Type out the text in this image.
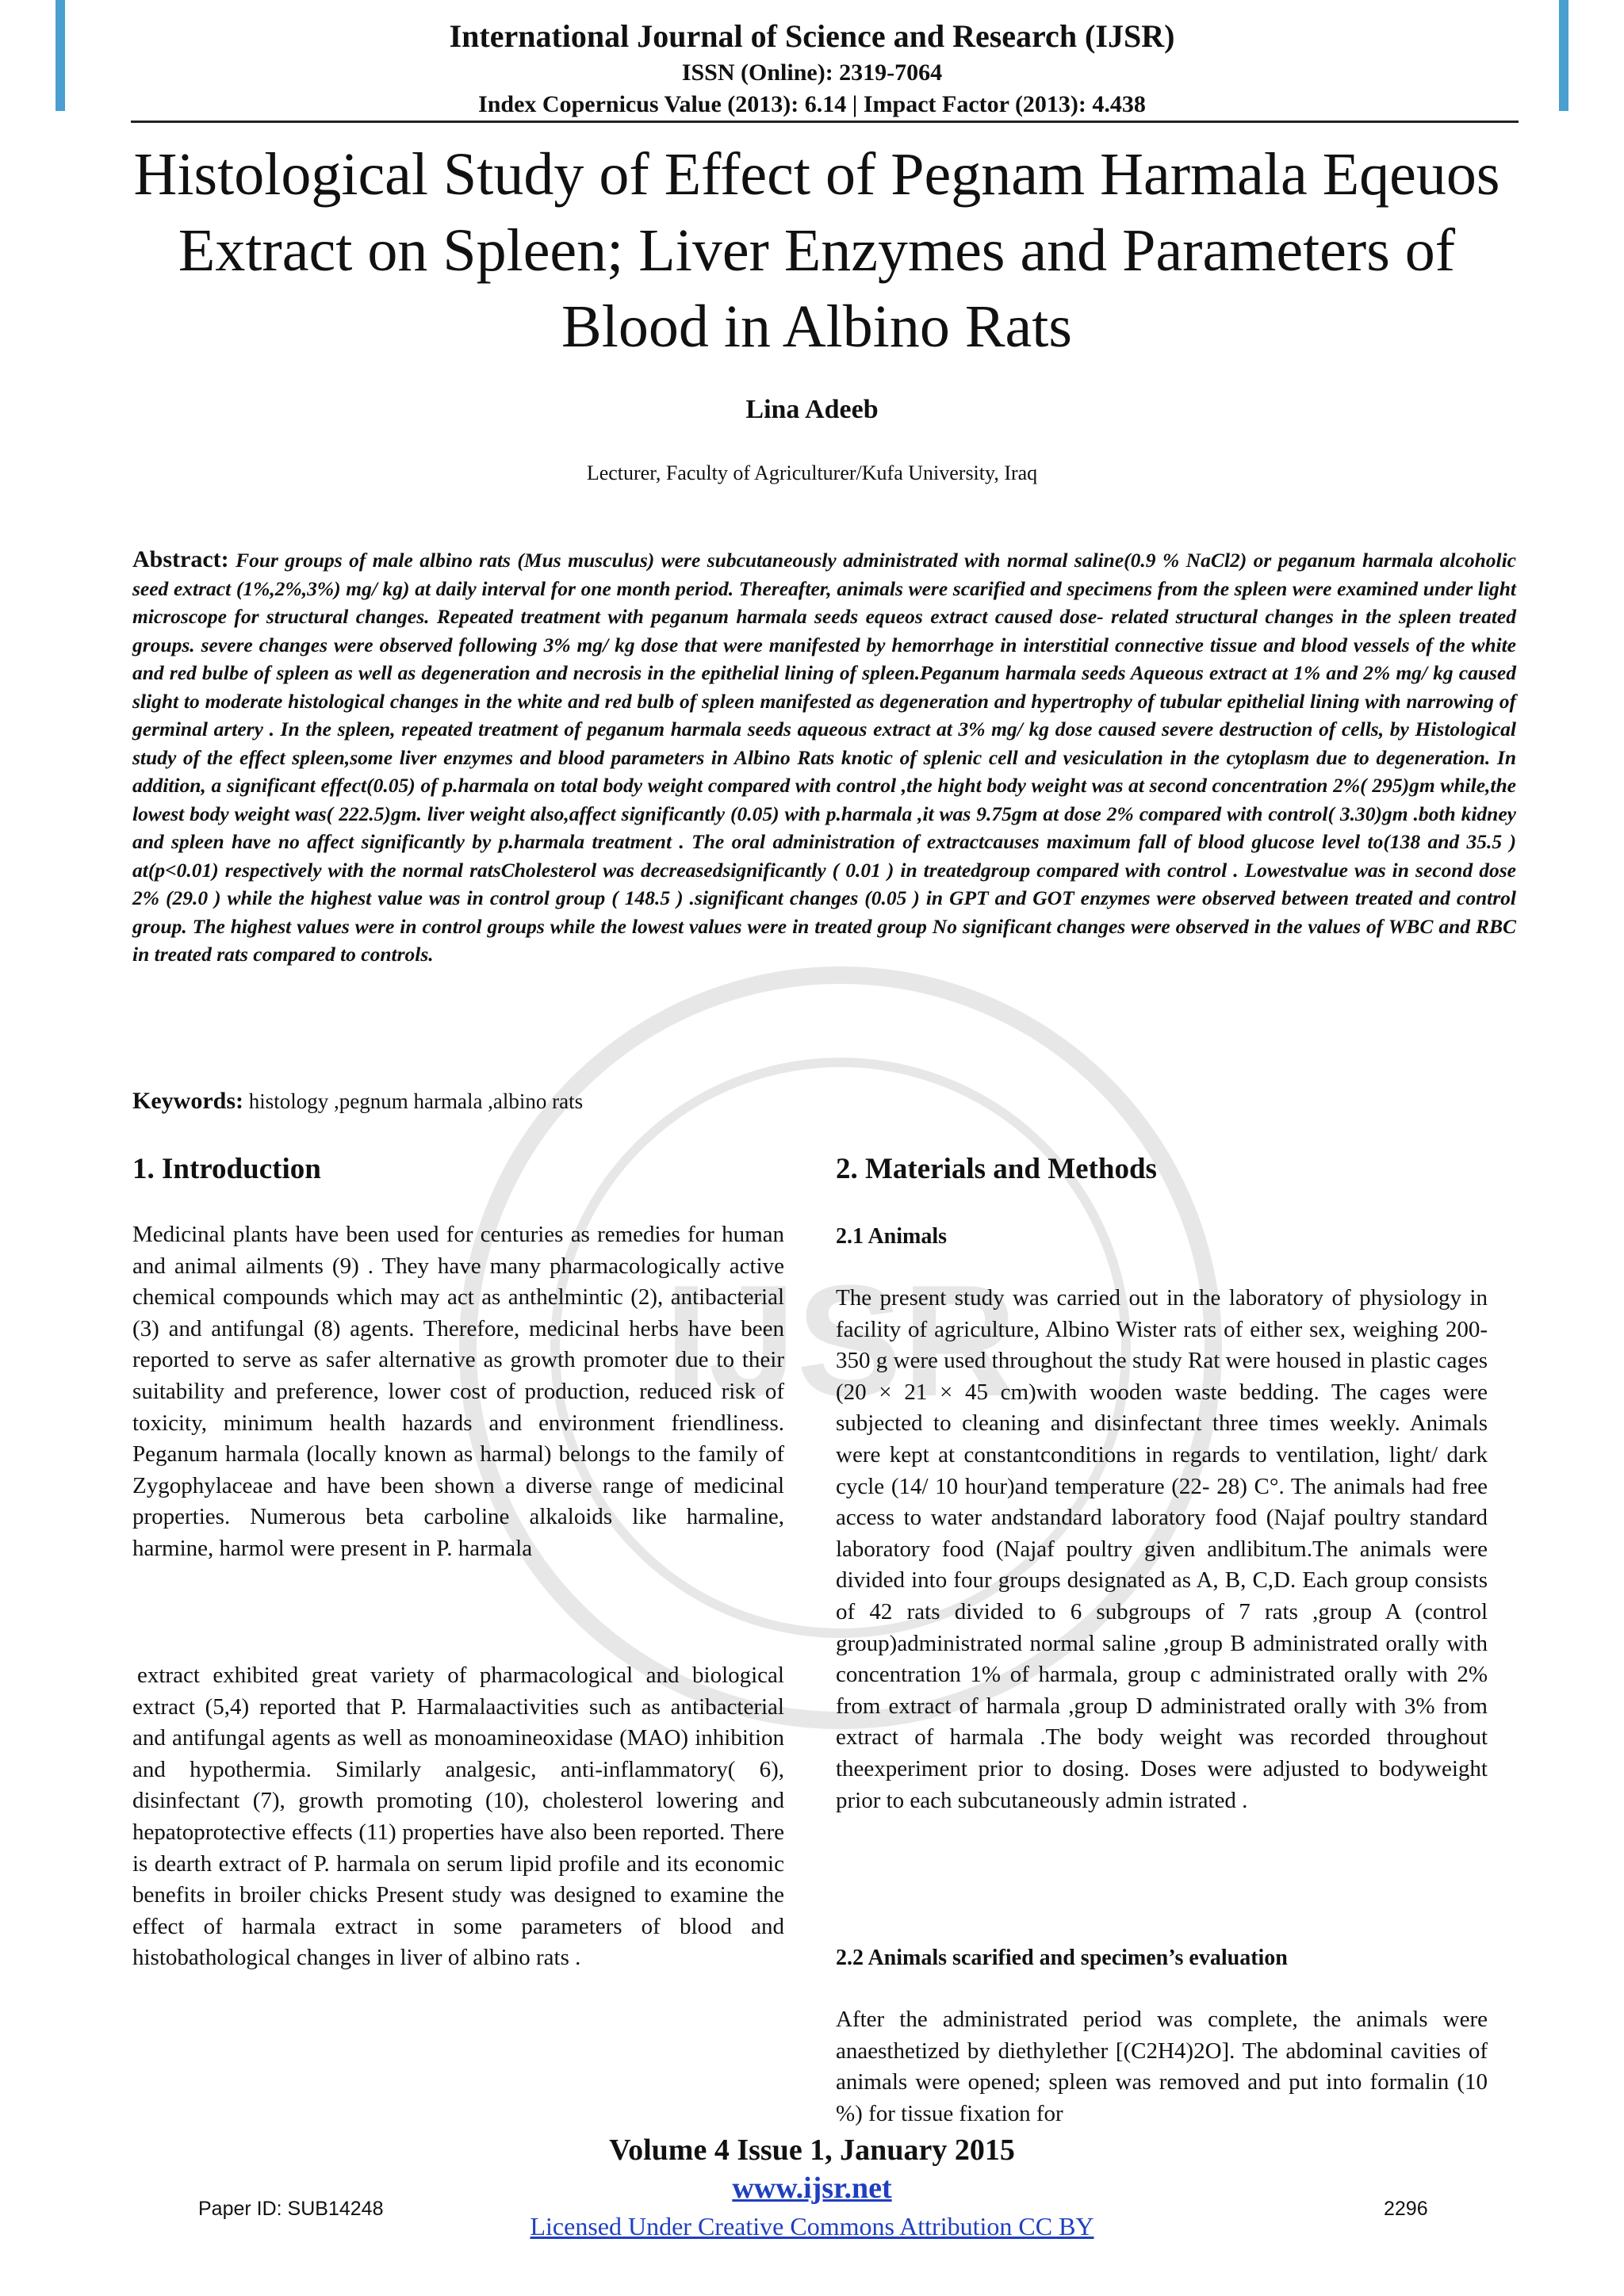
IJSR
International Journal of Science and Research (IJSR)
ISSN (Online): 2319-7064
Index Copernicus Value (2013): 6.14 | Impact Factor (2013): 4.438
Histological Study of Effect of Pegnam Harmala Eqeuos Extract on Spleen; Liver Enzymes and Parameters of Blood in Albino Rats
Lina Adeeb
Lecturer, Faculty of Agriculturer/Kufa University, Iraq
Abstract: Four groups of male albino rats (Mus musculus) were subcutaneously administrated with normal saline(0.9 % NaCl2) or peganum harmala alcoholic seed extract (1%,2%,3%) mg/ kg) at daily interval for one month period. Thereafter, animals were scarified and specimens from the spleen were examined under light microscope for structural changes. Repeated treatment with peganum harmala seeds equeos extract caused dose- related structural changes in the spleen treated groups. severe changes were observed following 3% mg/ kg dose that were manifested by hemorrhage in interstitial connective tissue and blood vessels of the white and red bulbe of spleen as well as degeneration and necrosis in the epithelial lining of spleen.Peganum harmala seeds Aqueous extract at 1% and 2% mg/ kg caused slight to moderate histological changes in the white and red bulb of spleen manifested as degeneration and hypertrophy of tubular epithelial lining with narrowing of germinal artery . In the spleen, repeated treatment of peganum harmala seeds aqueous extract at 3% mg/ kg dose caused severe destruction of cells, by Histological study of the effect spleen,some liver enzymes and blood parameters in Albino Rats knotic of splenic cell and vesiculation in the cytoplasm due to degeneration. In addition, a significant effect(0.05) of p.harmala on total body weight compared with control ,the hight body weight was at second concentration 2%( 295)gm while,the lowest body weight was( 222.5)gm. liver weight also,affect significantly (0.05) with p.harmala ,it was 9.75gm at dose 2% compared with control( 3.30)gm .both kidney and spleen have no affect significantly by p.harmala treatment . The oral administration of extractcauses maximum fall of blood glucose level to(138 and 35.5 ) at(p<0.01) respectively with the normal ratsCholesterol was decreasedsignificantly ( 0.01 ) in treatedgroup compared with control . Lowestvalue was in second dose 2% (29.0 ) while the highest value was in control group ( 148.5 ) .significant changes (0.05 ) in GPT and GOT enzymes were observed between treated and control group. The highest values were in control groups while the lowest values were in treated group No significant changes were observed in the values of WBC and RBC in treated rats compared to controls.
Keywords: histology ,pegnum harmala ,albino rats
1. Introduction

Medicinal plants have been used for centuries as remedies for human and animal ailments (9) . They have many pharmacologically active chemical compounds which may act as anthelmintic (2), antibacterial (3) and antifungal (8) agents. Therefore, medicinal herbs have been reported to serve as safer alternative as growth promoter due to their suitability and preference, lower cost of production, reduced risk of toxicity, minimum health hazards and environment friendliness. Peganum harmala (locally known as harmal) belongs to the family of Zygophylaceae and have been shown a diverse range of medicinal properties. Numerous beta carboline alkaloids like harmaline, harmine, harmol were present in P. harmala

extract exhibited great variety of pharmacological and biological extract (5,4) reported that P. Harmalaactivities such as antibacterial and antifungal agents as well as monoamineoxidase (MAO) inhibition and hypothermia. Similarly analgesic, anti-inflammatory( 6), disinfectant (7), growth promoting (10), cholesterol lowering and hepatoprotective effects (11) properties have also been reported. There is dearth extract of P. harmala on serum lipid profile and its economic benefits in broiler chicks Present study was designed to examine the effect of harmala extract in some parameters of blood and histobathological changes in liver of albino rats .

2. Materials and Methods
2.1 Animals

The present study was carried out in the laboratory of physiology in facility of agriculture, Albino Wister rats of either sex, weighing 200-350 g were used throughout the study Rat were housed in plastic cages (20 × 21 × 45 cm)with wooden waste bedding. The cages were subjected to cleaning and disinfectant three times weekly. Animals were kept at constantconditions in regards to ventilation, light/ dark cycle (14/ 10 hour)and temperature (22- 28) C°. The animals had free access to water andstandard laboratory food (Najaf poultry standard laboratory food (Najaf poultry given andlibitum.The animals were divided into four groups designated as A, B, C,D. Each group consists of 42 rats divided to 6 subgroups of 7 rats ,group A (control group)administrated normal saline ,group B administrated orally with concentration 1% of harmala, group c administrated orally with 2% from extract of harmala ,group D administrated orally with 3% from extract of harmala .The body weight was recorded throughout theexperiment prior to dosing. Doses were adjusted to bodyweight prior to each subcutaneously admin istrated .

2.2 Animals scarified and specimen’s evaluation

After the administrated period was complete, the animals were anaesthetized by diethylether [(C2H4)2O]. The abdominal cavities of animals were opened; spleen was removed and put into formalin (10 %) for tissue fixation for

Volume 4 Issue 1, January 2015
www.ijsr.net
Licensed Under Creative Commons Attribution CC BY
Paper ID: SUB14248	2296
